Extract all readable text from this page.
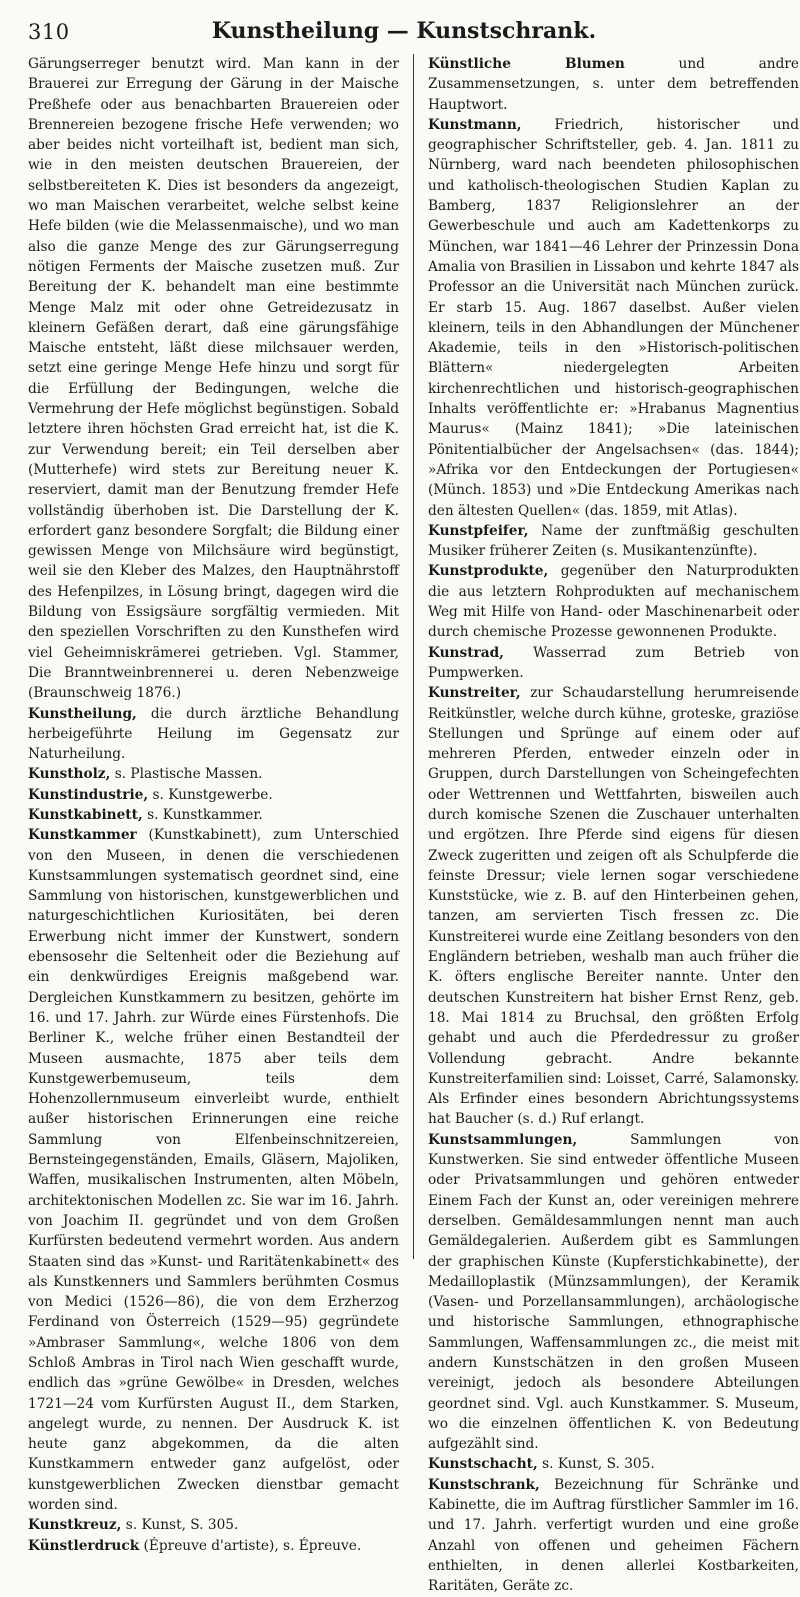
310	Kunstheilung — Kunstschrank.

Gärungserreger benutzt wird. Man kann in der Brauerei zur Erregung der Gärung in der Maische Preßhefe oder aus benachbarten Brauereien oder Brennereien bezogene frische Hefe verwenden; wo aber beides nicht vorteilhaft ist, bedient man sich, wie in den meisten deutschen Brauereien, der selbstbereiteten K. Dies ist besonders da angezeigt, wo man Maischen verarbeitet, welche selbst keine Hefe bilden (wie die Melassenmaische), und wo man also die ganze Menge des zur Gärungserregung nötigen Ferments der Maische zusetzen muß. Zur Bereitung der K. behandelt man eine bestimmte Menge Malz mit oder ohne Getreidezusatz in kleinern Gefäßen derart, daß eine gärungsfähige Maische entsteht, läßt diese milchsauer werden, setzt eine geringe Menge Hefe hinzu und sorgt für die Erfüllung der Bedingungen, welche die Vermehrung der Hefe möglichst begünstigen. Sobald letztere ihren höchsten Grad erreicht hat, ist die K. zur Verwendung bereit; ein Teil derselben aber (Mutterhefe) wird stets zur Bereitung neuer K. reserviert, damit man der Benutzung fremder Hefe vollständig überhoben ist. Die Darstellung der K. erfordert ganz besondere Sorgfalt; die Bildung einer gewissen Menge von Milchsäure wird begünstigt, weil sie den Kleber des Malzes, den Hauptnährstoff des Hefenpilzes, in Lösung bringt, dagegen wird die Bildung von Essigsäure sorgfältig vermieden. Mit den speziellen Vorschriften zu den Kunsthefen wird viel Geheimniskrämerei getrieben. Vgl. Stammer, Die Branntweinbrennerei u. deren Nebenzweige (Braunschweig 1876.)

Kunstheilung, die durch ärztliche Behandlung herbeigeführte Heilung im Gegensatz zur Naturheilung.

Kunstholz, s. Plastische Massen.

Kunstindustrie, s. Kunstgewerbe.

Kunstkabinett, s. Kunstkammer.

Kunstkammer (Kunstkabinett), zum Unterschied von den Museen, in denen die verschiedenen Kunstsammlungen systematisch geordnet sind, eine Sammlung von historischen, kunstgewerblichen und naturgeschichtlichen Kuriositäten, bei deren Erwerbung nicht immer der Kunstwert, sondern ebensosehr die Seltenheit oder die Beziehung auf ein denkwürdiges Ereignis maßgebend war. Dergleichen Kunstkammern zu besitzen, gehörte im 16. und 17. Jahrh. zur Würde eines Fürstenhofs. Die Berliner K., welche früher einen Bestandteil der Museen ausmachte, 1875 aber teils dem Kunstgewerbemuseum, teils dem Hohenzollernmuseum einverleibt wurde, enthielt außer historischen Erinnerungen eine reiche Sammlung von Elfenbeinschnitzereien, Bernsteingegenständen, Emails, Gläsern, Majoliken, Waffen, musikalischen Instrumenten, alten Möbeln, architektonischen Modellen zc. Sie war im 16. Jahrh. von Joachim II. gegründet und von dem Großen Kurfürsten bedeutend vermehrt worden. Aus andern Staaten sind das »Kunst- und Raritätenkabinett« des als Kunstkenners und Sammlers berühmten Cosmus von Medici (1526—86), die von dem Erzherzog Ferdinand von Österreich (1529—95) gegründete »Ambraser Sammlung«, welche 1806 von dem Schloß Ambras in Tirol nach Wien geschafft wurde, endlich das »grüne Gewölbe« in Dresden, welches 1721—24 vom Kurfürsten August II., dem Starken, angelegt wurde, zu nennen. Der Ausdruck K. ist heute ganz abgekommen, da die alten Kunstkammern entweder ganz aufgelöst, oder kunstgewerblichen Zwecken dienstbar gemacht worden sind.

Kunstkreuz, s. Kunst, S. 305.

Künstlerdruck (Épreuve d'artiste), s. Épreuve.

Künstliche Blumen und andre Zusammensetzungen, s. unter dem betreffenden Hauptwort.

Kunstmann, Friedrich, historischer und geographischer Schriftsteller, geb. 4. Jan. 1811 zu Nürnberg, ward nach beendeten philosophischen und katholisch-theologischen Studien Kaplan zu Bamberg, 1837 Religionslehrer an der Gewerbeschule und auch am Kadettenkorps zu München, war 1841—46 Lehrer der Prinzessin Dona Amalia von Brasilien in Lissabon und kehrte 1847 als Professor an die Universität nach München zurück. Er starb 15. Aug. 1867 daselbst. Außer vielen kleinern, teils in den Abhandlungen der Münchener Akademie, teils in den »Historisch-politischen Blättern« niedergelegten Arbeiten kirchenrechtlichen und historisch-geographischen Inhalts veröffentlichte er: »Hrabanus Magnentius Maurus« (Mainz 1841); »Die lateinischen Pönitentialbücher der Angelsachsen« (das. 1844); »Afrika vor den Entdeckungen der Portugiesen« (Münch. 1853) und »Die Entdeckung Amerikas nach den ältesten Quellen« (das. 1859, mit Atlas).

Kunstpfeifer, Name der zunftmäßig geschulten Musiker früherer Zeiten (s. Musikantenzünfte).

Kunstprodukte, gegenüber den Naturprodukten die aus letztern Rohprodukten auf mechanischem Weg mit Hilfe von Hand- oder Maschinenarbeit oder durch chemische Prozesse gewonnenen Produkte.

Kunstrad, Wasserrad zum Betrieb von Pumpwerken.

Kunstreiter, zur Schaudarstellung herumreisende Reitkünstler, welche durch kühne, groteske, graziöse Stellungen und Sprünge auf einem oder auf mehreren Pferden, entweder einzeln oder in Gruppen, durch Darstellungen von Scheingefechten oder Wettrennen und Wettfahrten, bisweilen auch durch komische Szenen die Zuschauer unterhalten und ergötzen. Ihre Pferde sind eigens für diesen Zweck zugeritten und zeigen oft als Schulpferde die feinste Dressur; viele lernen sogar verschiedene Kunststücke, wie z. B. auf den Hinterbeinen gehen, tanzen, am servierten Tisch fressen zc. Die Kunstreiterei wurde eine Zeitlang besonders von den Engländern betrieben, weshalb man auch früher die K. öfters englische Bereiter nannte. Unter den deutschen Kunstreitern hat bisher Ernst Renz, geb. 18. Mai 1814 zu Bruchsal, den größten Erfolg gehabt und auch die Pferdedressur zu großer Vollendung gebracht. Andre bekannte Kunstreiterfamilien sind: Loisset, Carré, Salamonsky. Als Erfinder eines besondern Abrichtungssystems hat Baucher (s. d.) Ruf erlangt.

Kunstsammlungen, Sammlungen von Kunstwerken. Sie sind entweder öffentliche Museen oder Privatsammlungen und gehören entweder Einem Fach der Kunst an, oder vereinigen mehrere derselben. Gemäldesammlungen nennt man auch Gemäldegalerien. Außerdem gibt es Sammlungen der graphischen Künste (Kupferstichkabinette), der Medailloplastik (Münzsammlungen), der Keramik (Vasen- und Porzellansammlungen), archäologische und historische Sammlungen, ethnographische Sammlungen, Waffensammlungen zc., die meist mit andern Kunstschätzen in den großen Museen vereinigt, jedoch als besondere Abteilungen geordnet sind. Vgl. auch Kunstkammer. S. Museum, wo die einzelnen öffentlichen K. von Bedeutung aufgezählt sind.

Kunstschacht, s. Kunst, S. 305.

Kunstschrank, Bezeichnung für Schränke und Kabinette, die im Auftrag fürstlicher Sammler im 16. und 17. Jahrh. verfertigt wurden und eine große Anzahl von offenen und geheimen Fächern enthielten, in denen allerlei Kostbarkeiten, Raritäten, Geräte zc.
